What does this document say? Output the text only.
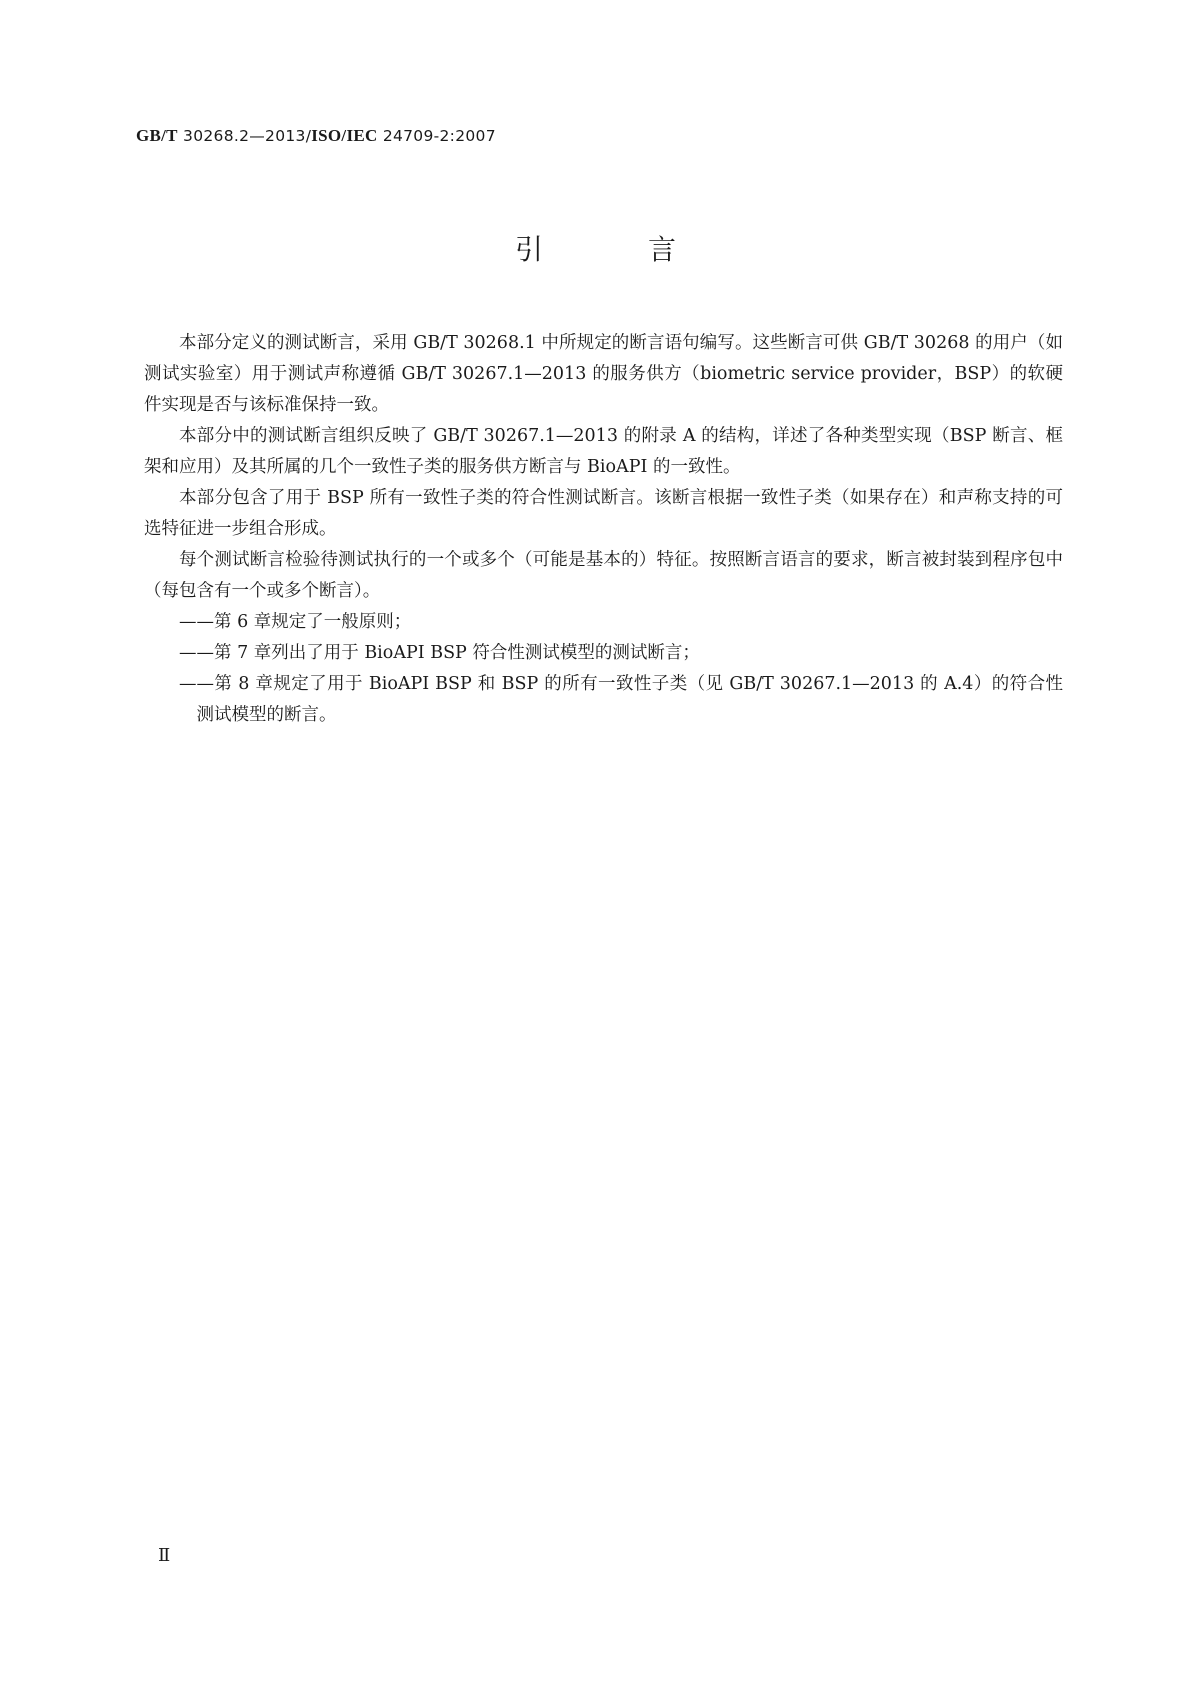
GB/T 30268.2—2013/ISO/IEC 24709-2:2007
引 言

本部分定义的测试断言，采用 GB/T 30268.1 中所规定的断言语句编写。这些断言可供 GB/T 30268 的用户（如测试实验室）用于测试声称遵循 GB/T 30267.1—2013 的服务供方（biometric service provider，BSP）的软硬件实现是否与该标准保持一致。

本部分中的测试断言组织反映了 GB/T 30267.1—2013 的附录 A 的结构，详述了各种类型实现（BSP 断言、框架和应用）及其所属的几个一致性子类的服务供方断言与 BioAPI 的一致性。

本部分包含了用于 BSP 所有一致性子类的符合性测试断言。该断言根据一致性子类（如果存在）和声称支持的可选特征进一步组合形成。

每个测试断言检验待测试执行的一个或多个（可能是基本的）特征。按照断言语言的要求，断言被封装到程序包中（每包含有一个或多个断言）。

——第 6 章规定了一般原则；
——第 7 章列出了用于 BioAPI BSP 符合性测试模型的测试断言；
——第 8 章规定了用于 BioAPI BSP 和 BSP 的所有一致性子类（见 GB/T 30267.1—2013 的 A.4）的符合性测试模型的断言。
Ⅱ
